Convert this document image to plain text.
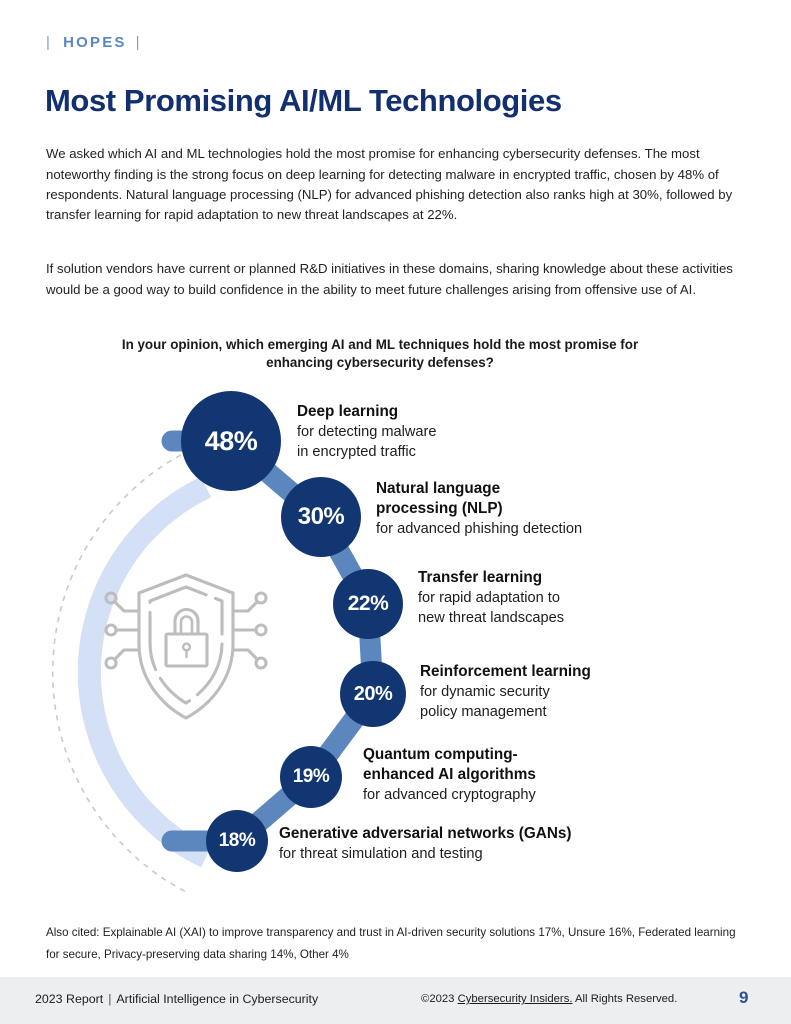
| HOPES |
Most Promising AI/ML Technologies

We asked which AI and ML technologies hold the most promise for enhancing cybersecurity defenses. The most noteworthy finding is the strong focus on deep learning for detecting malware in encrypted traffic, chosen by 48% of respondents. Natural language processing (NLP) for advanced phishing detection also ranks high at 30%, followed by transfer learning for rapid adaptation to new threat landscapes at 22%.

If solution vendors have current or planned R&D initiatives in these domains, sharing knowledge about these activities would be a good way to build confidence in the ability to meet future challenges arising from offensive use of AI.

In your opinion, which emerging AI and ML techniques hold the most promise for enhancing cybersecurity defenses?
48%
30%
22%
20%
19%
18%
Deep learning
for detecting malware
in encrypted traffic
Natural language
processing (NLP)
for advanced phishing detection
Transfer learning
for rapid adaptation to
new threat landscapes
Reinforcement learning
for dynamic security
policy management
Quantum computing-
enhanced AI algorithms
for advanced cryptography
Generative adversarial networks (GANs)
for threat simulation and testing

Also cited: Explainable AI (XAI) to improve transparency and trust in AI-driven security solutions 17%, Unsure 16%, Federated learning for secure, Privacy-preserving data sharing 14%, Other 4%

2023 Report | Artificial Intelligence in Cybersecurity	©2023 Cybersecurity Insiders. All Rights Reserved.	9
